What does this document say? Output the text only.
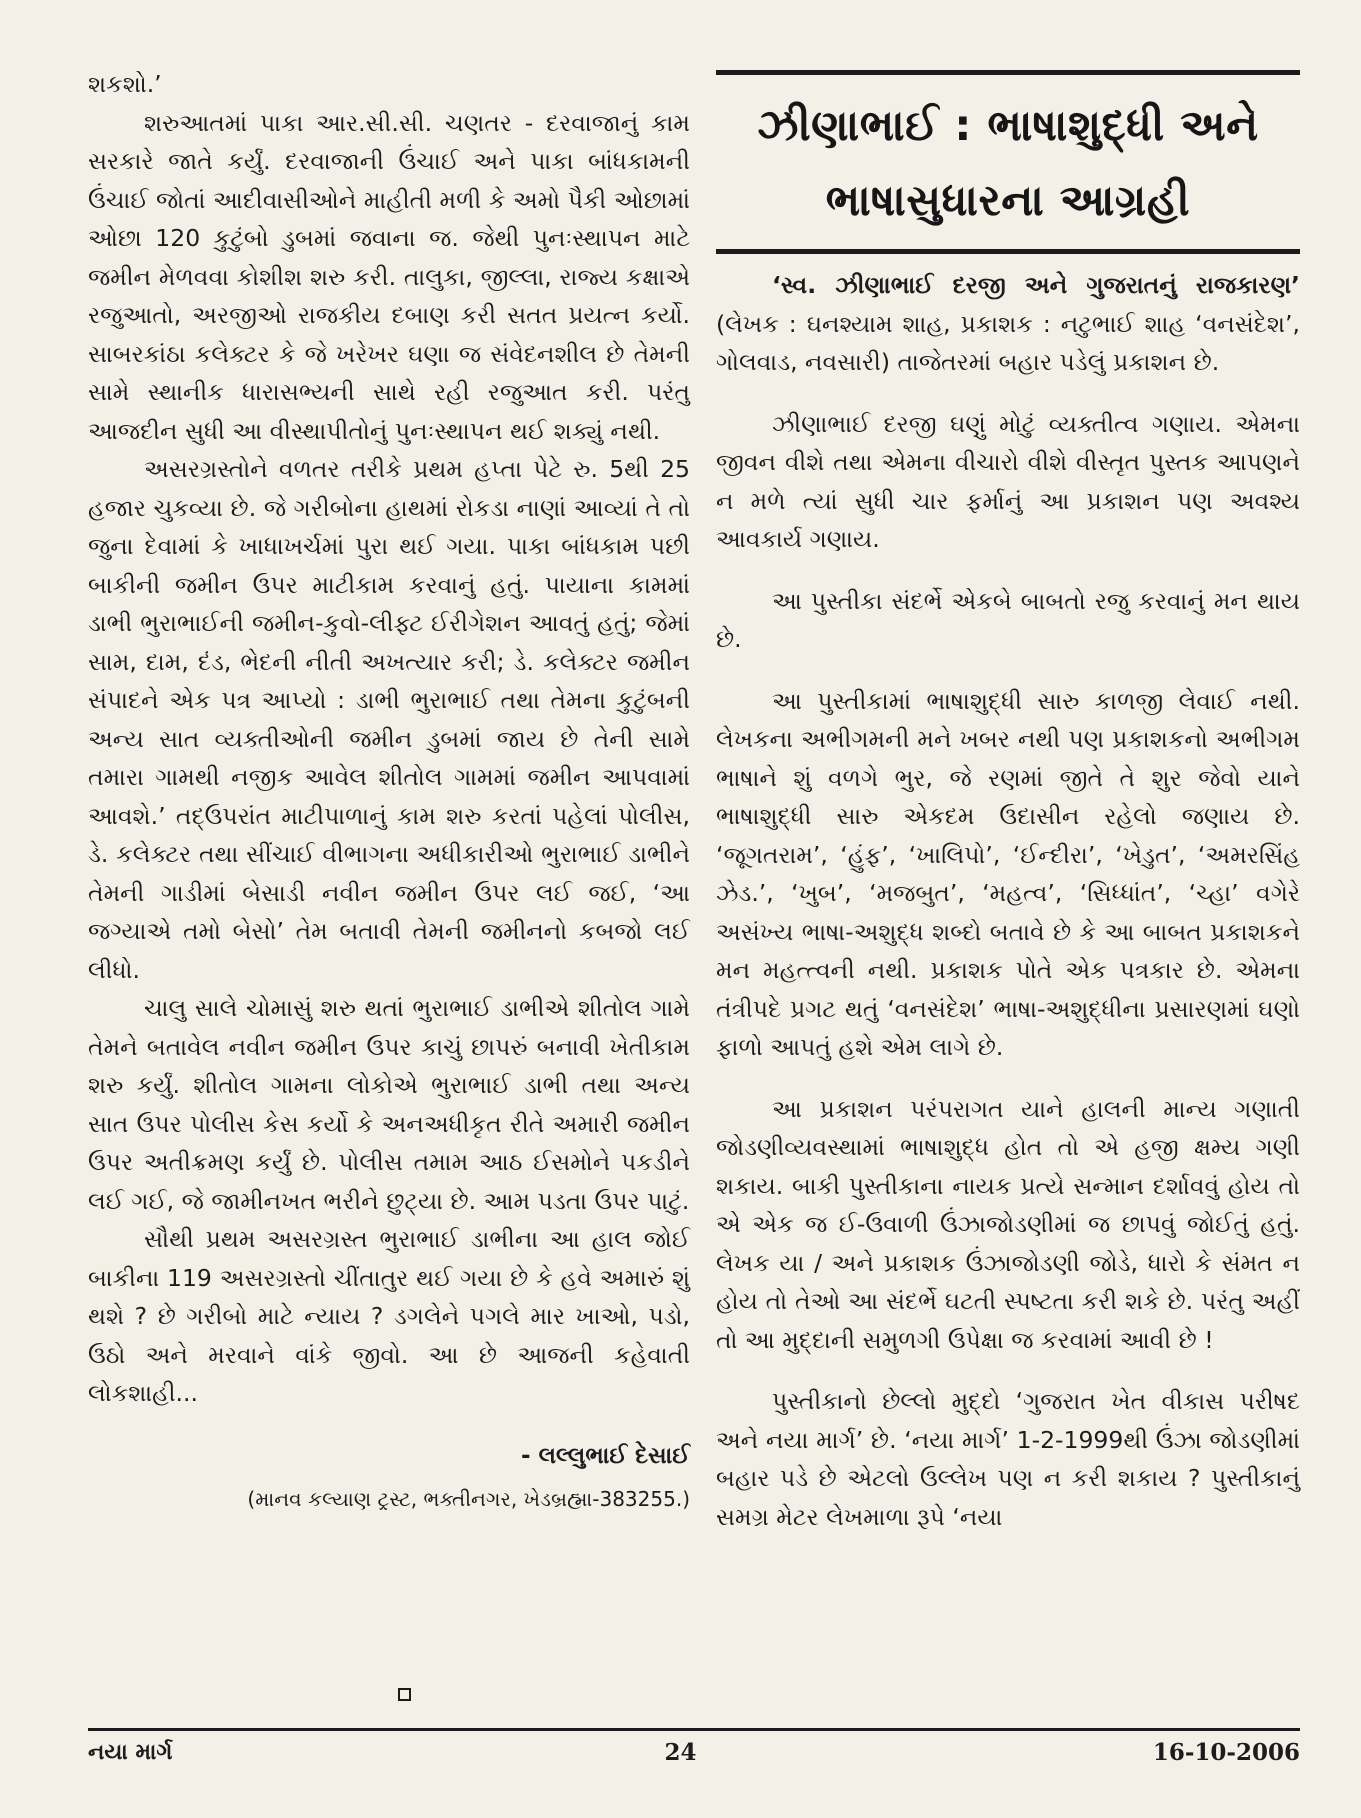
શકશો.’

શરુઆતમાં પાકા આર.સી.સી. ચણતર - દરવાજાનું કામ સરકારે જાતે કર્યું. દરવાજાની ઉંચાઈ અને પાકા બાંધકામની ઉંચાઈ જોતાં આદીવાસીઓને માહીતી મળી કે અમો પૈકી ઓછામાં ઓછા 120 કુટુંબો ડુબમાં જવાના જ. જેથી પુનઃસ્થાપન માટે જમીન મેળવવા કોશીશ શરુ કરી. તાલુકા, જીલ્લા, રાજ્ય કક્ષાએ રજુઆતો, અરજીઓ રાજકીય દબાણ કરી સતત પ્રયત્ન કર્યો. સાબરકાંઠા કલેક્ટર કે જે ખરેખર ઘણા જ સંવેદનશીલ છે તેમની સામે સ્થાનીક ધારાસભ્યની સાથે રહી રજુઆત કરી. પરંતુ આજદીન સુધી આ વીસ્થાપીતોનું પુનઃસ્થાપન થઈ શક્યું નથી.

અસરગ્રસ્તોને વળતર તરીકે પ્રથમ હપ્તા પેટે રુ. 5થી 25 હજાર ચુકવ્યા છે. જે ગરીબોના હાથમાં રોકડા નાણાં આવ્યાં તે તો જુના દેવામાં કે ખાધાખર્ચમાં પુરા થઈ ગયા. પાકા બાંધકામ પછી બાકીની જમીન ઉપર માટીકામ કરવાનું હતું. પાયાના કામમાં ડાભી ભુરાભાઈની જમીન-કુવો-લીફ્ટ ઈરીગેશન આવતું હતું; જેમાં સામ, દામ, દંડ, ભેદની નીતી અખત્યાર કરી; ડે. કલેક્ટર જમીન સંપાદને એક પત્ર આપ્યો : ડાભી ભુરાભાઈ તથા તેમના કુટુંબની અન્ય સાત વ્યક્તીઓની જમીન ડુબમાં જાય છે તેની સામે તમારા ગામથી નજીક આવેલ શીતોલ ગામમાં જમીન આપવામાં આવશે.’ તદ્ઉપરાંત માટીપાળાનું કામ શરુ કરતાં પહેલાં પોલીસ, ડે. કલેક્ટર તથા સીંચાઈ વીભાગના અધીકારીઓ ભુરાભાઈ ડાભીને તેમની ગાડીમાં બેસાડી નવીન જમીન ઉપર લઈ જઈ, ‘આ જગ્યાએ તમો બેસો’ તેમ બતાવી તેમની જમીનનો કબજો લઈ લીધો.

ચાલુ સાલે ચોમાસું શરુ થતાં ભુરાભાઈ ડાભીએ શીતોલ ગામે તેમને બતાવેલ નવીન જમીન ઉપર કાચું છાપરું બનાવી ખેતીકામ શરુ કર્યું. શીતોલ ગામના લોકોએ ભુરાભાઈ ડાભી તથા અન્ય સાત ઉપર પોલીસ કેસ કર્યો કે અનઅધીકૃત રીતે અમારી જમીન ઉપર અતીક્રમણ કર્યું છે. પોલીસ તમામ આઠ ઈસમોને પકડીને લઈ ગઈ, જે જામીનખત ભરીને છુટ્યા છે. આમ પડતા ઉપર પાટું.

સૌથી પ્રથમ અસરગ્રસ્ત ભુરાભાઈ ડાભીના આ હાલ જોઈ બાકીના 119 અસરગ્રસ્તો ચીંતાતુર થઈ ગયા છે કે હવે અમારું શું થશે ? છે ગરીબો માટે ન્યાય ? ડગલેને પગલે માર ખાઓ, પડો, ઉઠો અને મરવાને વાંકે જીવો. આ છે આજની કહેવાતી લોકશાહી...

- લલ્લુભાઈ દેસાઈ
(માનવ કલ્યાણ ટ્રસ્ટ, ભક્તીનગર, ખેડબ્રહ્મા-383255.)
ઝીણાભાઈ : ભાષાશુદ્ધી અને
ભાષાસુધારના આગ્રહી

‘સ્વ. ઝીણાભાઈ દરજી અને ગુજરાતનું રાજકારણ’ (લેખક : ઘનશ્યામ શાહ, પ્રકાશક : નટુભાઈ શાહ ‘વનસંદેશ’, ગોલવાડ, નવસારી) તાજેતરમાં બહાર પડેલું પ્રકાશન છે.

ઝીણાભાઈ દરજી ઘણું મોટું વ્યક્તીત્વ ગણાય. એમના જીવન વીશે તથા એમના વીચારો વીશે વીસ્તૃત પુસ્તક આપણને ન મળે ત્યાં સુધી ચાર ફર્માનું આ પ્રકાશન પણ અવશ્ય આવકાર્ય ગણાય.

આ પુસ્તીકા સંદર્ભે એકબે બાબતો રજુ કરવાનું મન થાય છે.

આ પુસ્તીકામાં ભાષાશુદ્ધી સારુ કાળજી લેવાઈ નથી. લેખકના અભીગમની મને ખબર નથી પણ પ્રકાશકનો અભીગમ ભાષાને શું વળગે ભુર, જે રણમાં જીતે તે શુર જેવો યાને ભાષાશુદ્ધી સારુ એકદમ ઉદાસીન રહેલો જણાય છે. ‘જૂગતરામ’, ‘હુંફ’, ‘ખાલિપો’, ‘ઈન્દીરા’, ‘ખેડુત’, ‘અમરસિંહ ઝેડ.’, ‘ખુબ’, ‘મજબુત’, ‘મહત્વ’, ‘સિધ્ધાંત’, ‘ચ્હા’ વગેરે અસંખ્ય ભાષા-અશુદ્ધ શબ્દો બતાવે છે કે આ બાબત પ્રકાશકને મન મહત્ત્વની નથી. પ્રકાશક પોતે એક પત્રકાર છે. એમના તંત્રીપદે પ્રગટ થતું ‘વનસંદેશ’ ભાષા-અશુદ્ધીના પ્રસારણમાં ઘણો ફાળો આપતું હશે એમ લાગે છે.

આ પ્રકાશન પરંપરાગત યાને હાલની માન્ય ગણાતી જોડણીવ્યવસ્થામાં ભાષાશુદ્ધ હોત તો એ હજી ક્ષમ્ય ગણી શકાય. બાકી પુસ્તીકાના નાયક પ્રત્યે સન્માન દર્શાવવું હોય તો એ એક જ ઈ-ઉવાળી ઉંઝાજોડણીમાં જ છાપવું જોઈતું હતું. લેખક યા / અને પ્રકાશક ઉંઝાજોડણી જોડે, ધારો કે સંમત ન હોય તો તેઓ આ સંદર્ભે ઘટતી સ્પષ્ટતા કરી શકે છે. પરંતુ અહીં તો આ મુદ્દાની સમુળગી ઉપેક્ષા જ કરવામાં આવી છે !

પુસ્તીકાનો છેલ્લો મુદ્દો ‘ગુજરાત ખેત વીકાસ પરીષદ અને નયા માર્ગ’ છે. ‘નયા માર્ગ’ 1-2-1999થી ઉંઝા જોડણીમાં બહાર પડે છે એટલો ઉલ્લેખ પણ ન કરી શકાય ? પુસ્તીકાનું સમગ્ર મેટર લેખમાળા રૂપે ‘નયા

નયા માર્ગ	24	16-10-2006
